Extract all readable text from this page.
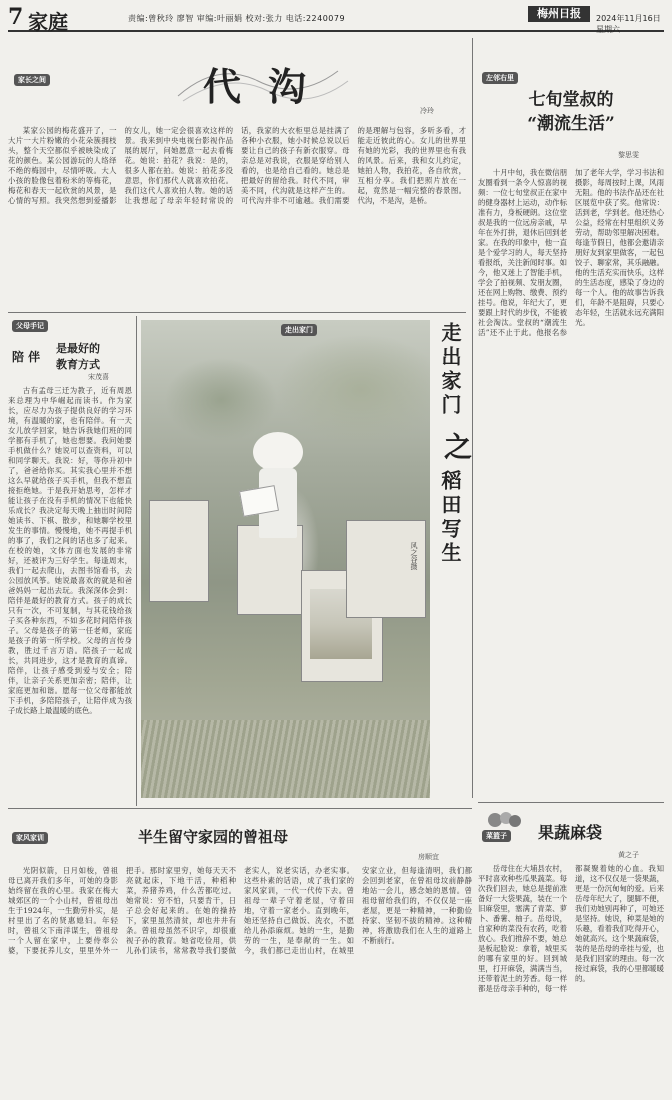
7 家庭	责编:曾秋玲 廖智 审编:叶丽娟 校对:张力 电话:2240079	梅州日报	2024年11月16日 星期六
家长之间	代 沟
冷玲

某家公园的梅花盛开了，一大片一大片粉嫩的小花朵簇拥枝头，整个天空都似乎被映染成了花的颜色。某公园游玩的人络绎不绝的梅园中，尽情呼吸。大人小孩的脸像包着粉米的等梅花，梅花和春天一起欣赏的风景，是心情的写照。我突然想到爱播影的女儿，她一定会很喜欢这样的景。我来到中央电视台影视作品展的展厅，问她愿意一起去看梅花。她说：拍花？我说：是的，很多人都在拍。她说：拍花多没意思，你们那代人就喜欢拍花。我们这代人喜欢拍人物。她的话让我想起了母亲年轻时常说的话，我家的大衣柜里总是挂满了各种小衣服，她小时候总说以后要让自己的孩子有新衣服穿。母亲总是对我说，衣服是穿给别人看的，也是给自己看的。她总是把最好的留给我。时代不同，审美不同，代沟就是这样产生的。可代沟并非不可逾越。我们需要的是理解与包容，多听多看，才能走近彼此的心。女儿的世界里有她的光彩，我的世界里也有我的风景。后来，我和女儿约定，她拍人物，我拍花，各自欣赏，互相分享。我们把照片放在一起，竟然是一幅完整的春景图。代沟，不是沟，是桥。

左邻右里
七旬堂叔的
“潮流生活”
黎思雯

十月中旬，我在微信朋友圈看到一条令人惊喜的视频：一位七旬堂叔正在家中的健身器材上运动，动作标准有力，身板硬朗。这位堂叔是我的一位远房亲戚，早年在外打拼，退休后回到老家。在我的印象中，他一直是个爱学习的人，每天坚持看报纸，关注新闻时事。如今，他又迷上了智能手机，学会了拍视频、发朋友圈，还在网上购物、缴费、预约挂号。他说，年纪大了，更要跟上时代的步伐，不能被社会淘汰。堂叔的“潮流生活”还不止于此。他报名参加了老年大学，学习书法和摄影，每周按时上课，风雨无阻。他的书法作品还在社区展览中获了奖。他常说：活到老，学到老。他还热心公益，经常在村里组织义务劳动，帮助邻里解决困难。每逢节假日，他都会邀请亲朋好友到家里做客，一起包饺子、聊家常，其乐融融。他的生活充实而快乐，这样的生活态度，感染了身边的每一个人。他的故事告诉我们，年龄不是阻碍，只要心态年轻，生活就永远充满阳光。

父母手记
陪 伴
是最好的
教育方式
宋茂喜

古有孟母三迁为教子，近有周恩来总理为中华崛起而读书。作为家长，应尽力为孩子提供良好的学习环境，有温暖的家，也有陪伴。有一天女儿放学回家，她告诉我她们班的同学都有手机了，她也想要。我问她要手机做什么？她说可以查资料，可以和同学聊天。我说：好，等你升初中了，爸爸给你买。其实我心里并不想这么早就给孩子买手机，但我不想直接拒绝她。于是我开始思考，怎样才能让孩子在没有手机的情况下也能快乐成长？我决定每天晚上抽出时间陪她读书、下棋、散步，和她聊学校里发生的事情。慢慢地，她不再提手机的事了，我们之间的话也多了起来。在校的她，文体方面也发展的非常好，还被评为三好学生。每逢周末，我们一起去爬山，去图书馆看书，去公园放风筝。她说最喜欢的就是和爸爸妈妈一起出去玩。我深深体会到：陪伴是最好的教育方式。孩子的成长只有一次，不可复制，与其花钱给孩子买各种东西，不如多花时间陪伴孩子。父母是孩子的第一任老师，家庭是孩子的第一所学校。父母的言传身教，胜过千言万语。陪孩子一起成长，共同进步，这才是教育的真谛。陪伴，让孩子感受到爱与安全；陪伴，让亲子关系更加亲密；陪伴，让家庭更加和谐。愿每一位父母都能放下手机，多陪陪孩子，让陪伴成为孩子成长路上最温暖的底色。

走出家门
风之谷摄
走出家门
之
稻田写生
菜篮子 果蔬麻袋
黄之子

岳母住在大埔县农村，平时喜欢种些瓜果蔬菜。每次我们回去，她总是提前准备好一大袋果蔬，装在一个旧麻袋里，塞满了青菜、萝卜、番薯、柚子。岳母说，自家种的菜没有农药，吃着放心。我们推辞不要，她总是板起脸说：拿着，城里买的哪有家里的好。回到城里，打开麻袋，满满当当，还带着泥土的芳香。每一样都是岳母亲手种的，每一样都凝聚着她的心血。我知道，这不仅仅是一袋果蔬，更是一份沉甸甸的爱。后来岳母年纪大了，腿脚不便，我们劝她别再种了，可她还是坚持。她说，种菜是她的乐趣，看着我们吃得开心，她就高兴。这个果蔬麻袋，装的是岳母的牵挂与爱，也是我们回家的理由。每一次接过麻袋，我的心里都暖暖的。

家风家训	半生留守家园的曾祖母
房顺宜

光阴似箭，日月如梭，曾祖母已离开我们多年，可她的身影始终留在我的心里。我家在梅大城郊区的一个小山村，曾祖母出生于1924年，一生勤劳朴实，是村里出了名的贤惠媳妇。年轻时，曾祖父下南洋谋生，曾祖母一个人留在家中，上要侍奉公婆，下要抚养儿女，里里外外一把手。那时家里穷，她每天天不亮就起床，下地干活，种稻种菜，养猪养鸡，什么苦都吃过。她常说：穷不怕，只要肯干，日子总会好起来的。在她的操持下，家里虽然清贫，却也井井有条。曾祖母虽然不识字，却很重视子孙的教育。她省吃俭用，供儿孙们读书，常常教导我们要做老实人，说老实话，办老实事。这些朴素的话语，成了我们家的家风家训，一代一代传下去。曾祖母一辈子守着老屋，守着田地，守着一家老小。直到晚年，她还坚持自己做饭、洗衣，不愿给儿孙添麻烦。她的一生，是勤劳的一生，是奉献的一生。如今，我们都已走出山村，在城里安家立业，但每逢清明，我们都会回到老家，在曾祖母坟前静静地站一会儿，感念她的恩情。曾祖母留给我们的，不仅仅是一座老屋，更是一种精神，一种勤俭持家、坚韧不拔的精神。这种精神，将激励我们在人生的道路上不断前行。
